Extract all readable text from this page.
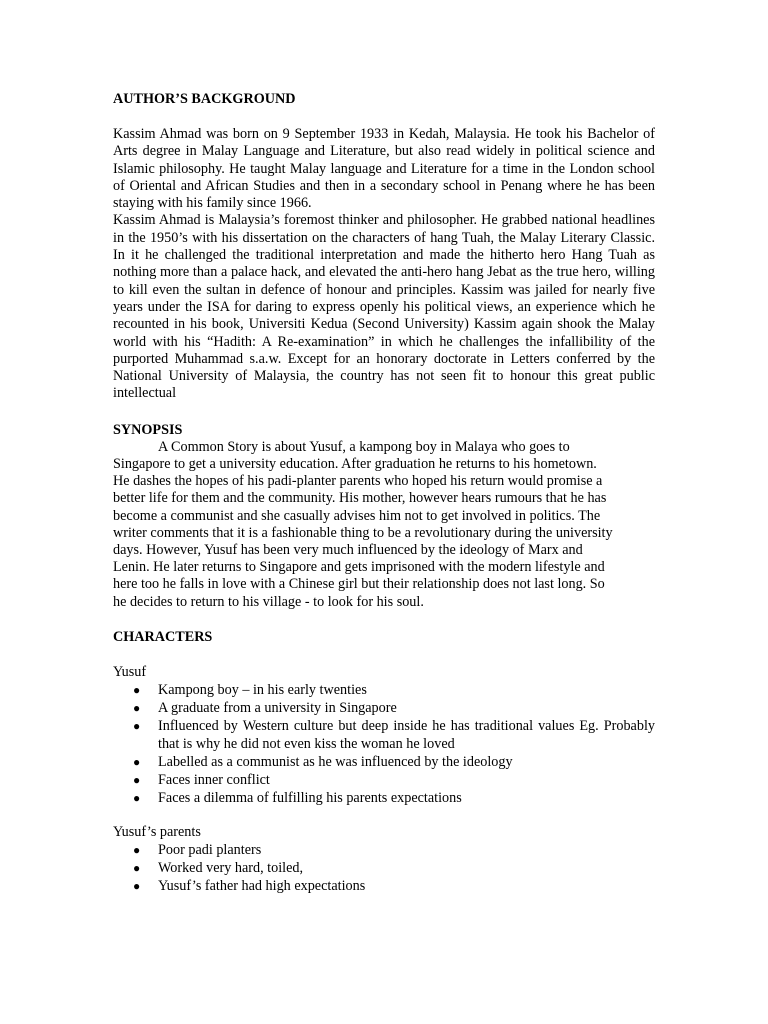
AUTHOR’S BACKGROUND

Kassim Ahmad was born on 9 September 1933 in Kedah, Malaysia. He took his Bachelor of Arts degree in Malay Language and Literature, but also read widely in political science and Islamic philosophy. He taught Malay language and Literature for a time in the London school of Oriental and African Studies and then in a secondary school in Penang where he has been staying with his family since 1966.

Kassim Ahmad is Malaysia’s foremost thinker and philosopher. He grabbed national headlines in the 1950’s with his dissertation on the characters of hang Tuah, the Malay Literary Classic. In it he challenged the traditional interpretation and made the hitherto hero Hang Tuah as nothing more than a palace hack, and elevated the anti-hero hang Jebat as the true hero, willing to kill even the sultan in defence of honour and principles. Kassim was jailed for nearly five years under the ISA for daring to express openly his political views, an experience which he recounted in his book, Universiti Kedua (Second University) Kassim again shook the Malay world with his “Hadith: A Re-examination” in which he challenges the infallibility of the purported Muhammad s.a.w. Except for an honorary doctorate in Letters conferred by the National University of Malaysia, the country has not seen fit to honour this great public intellectual

SYNOPSIS
A Common Story is about Yusuf, a kampong boy in Malaya who goes to
Singapore to get a university education. After graduation he returns to his hometown.
He dashes the hopes of his padi-planter parents who hoped his return would promise a
better life for them and the community. His mother, however hears rumours that he has
become a communist and she casually advises him not to get involved in politics. The
writer comments that it is a fashionable thing to be a revolutionary during the university
days. However, Yusuf has been very much influenced by the ideology of Marx and
Lenin. He later returns to Singapore and gets imprisoned with the modern lifestyle and
here too he falls in love with a Chinese girl but their relationship does not last long. So
he decides to return to his village - to look for his soul.
CHARACTERS

Yusuf

● Kampong boy – in his early twenties
● A graduate from a university in Singapore
● Influenced by Western culture but deep inside he has traditional values Eg. Probably that is why he did not even kiss the woman he loved
● Labelled as a communist as he was influenced by the ideology
● Faces inner conflict
● Faces a dilemma of fulfilling his parents expectations

Yusuf’s parents

● Poor padi planters
● Worked very hard, toiled,
● Yusuf’s father had high expectations
